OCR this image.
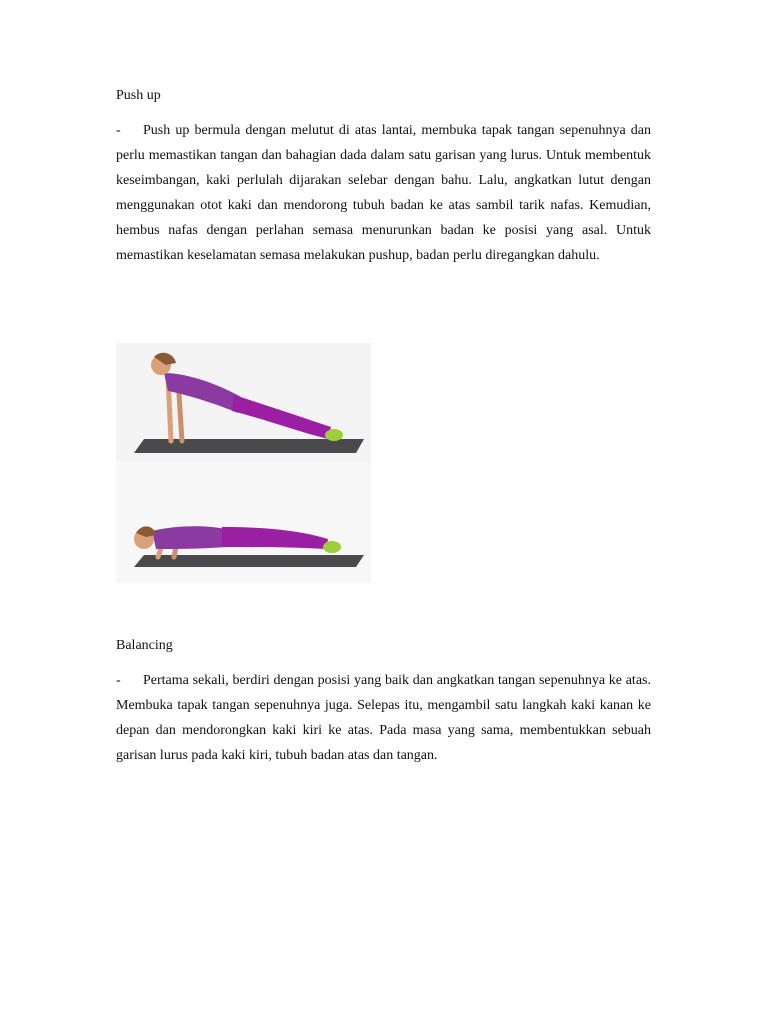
Push up
- Push up bermula dengan melutut di atas lantai, membuka tapak tangan sepenuhnya dan perlu memastikan tangan dan bahagian dada dalam satu garisan yang lurus. Untuk membentuk keseimbangan, kaki perlulah dijarakan selebar dengan bahu. Lalu, angkatkan lutut dengan menggunakan otot kaki dan mendorong tubuh badan ke atas sambil tarik nafas. Kemudian, hembus nafas dengan perlahan semasa menurunkan badan ke posisi yang asal. Untuk memastikan keselamatan semasa melakukan pushup, badan perlu diregangkan dahulu.
Balancing
- Pertama sekali, berdiri dengan posisi yang baik dan angkatkan tangan sepenuhnya ke atas. Membuka tapak tangan sepenuhnya juga. Selepas itu, mengambil satu langkah kaki kanan ke depan dan mendorongkan kaki kiri ke atas. Pada masa yang sama, membentukkan sebuah garisan lurus pada kaki kiri, tubuh badan atas dan tangan.
